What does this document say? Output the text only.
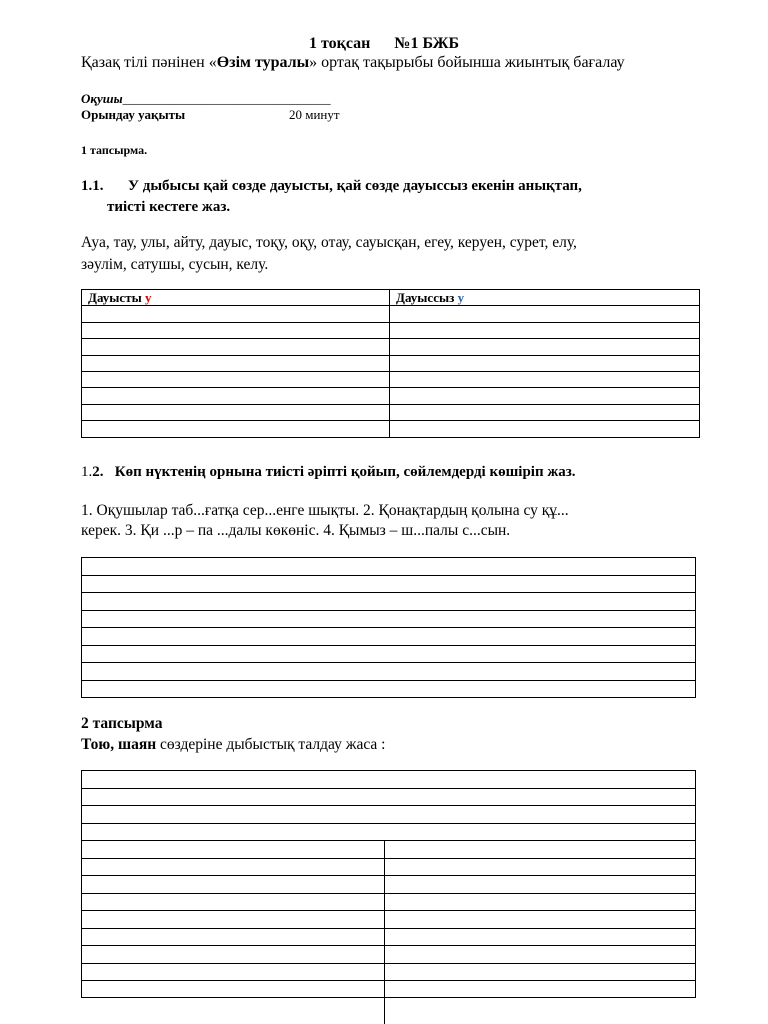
1 тоқсан №1 БЖБ
Қазақ тілі пәнінен «Өзім туралы» ортақ тақырыбы бойынша жиынтық бағалау
Оқушы________________________________
Орындау уақыты	20 минут
1 тапсырма.
1.1. У дыбысы қай сөзде дауысты, қай сөзде дауыссыз екенін анықтап,
тиісті кестеге жаз.
Ауа, тау, улы, айту, дауыс, тоқу, оқу, отау, сауысқан, егеу, керуен, сурет, елу,
зәулім, сатушы, сусын, келу.
Дауысты у	Дауыссыз у

1.2. Көп нүктенің орнына тиісті әріпті қойып, сөйлемдерді көшіріп жаз.
1. Оқушылар таб...ғатқа сер...енге шықты. 2. Қонақтардың қолына су құ...
керек. 3. Қи ...р – па ...далы көкөніс. 4. Қымыз – ш...палы с...сын.
2 тапсырма
Тою, шаян сөздеріне дыбыстық талдау жаса :
